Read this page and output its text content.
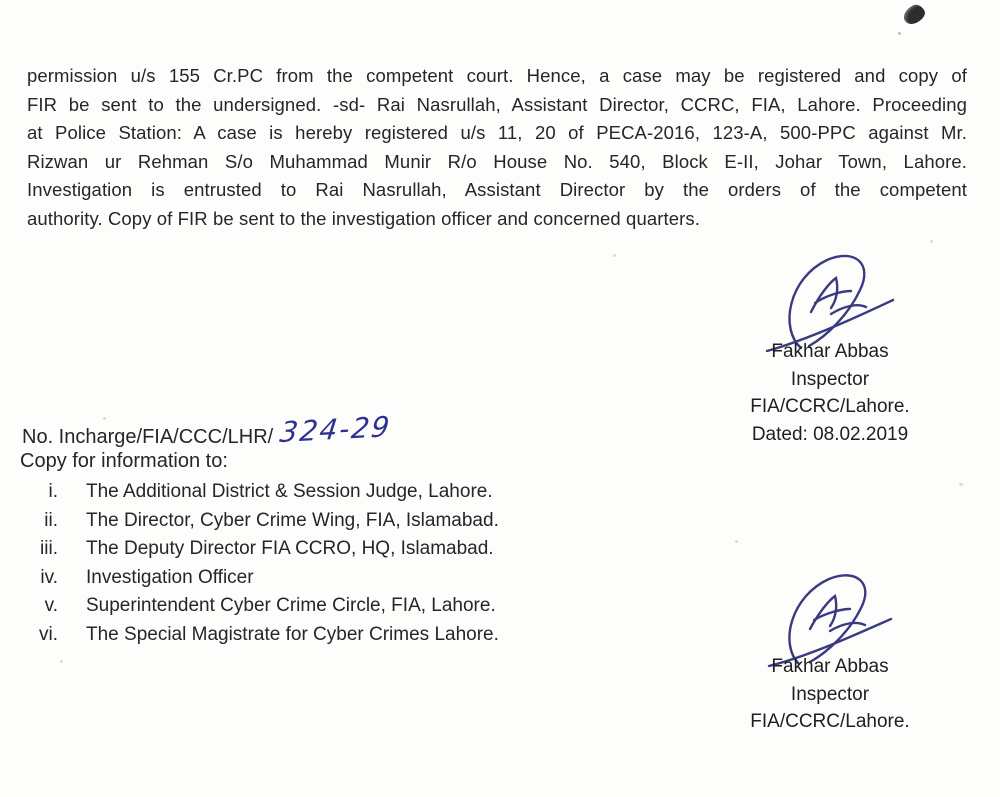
permission u/s 155 Cr.PC from the competent court. Hence, a case may be registered and copy of
FIR be sent to the undersigned. -sd- Rai Nasrullah, Assistant Director, CCRC, FIA, Lahore. Proceeding
at Police Station: A case is hereby registered u/s 11, 20 of PECA-2016, 123-A, 500-PPC against Mr.
Rizwan ur Rehman S/o Muhammad Munir R/o House No. 540, Block E-II, Johar Town, Lahore.
Investigation is entrusted to Rai Nasrullah, Assistant Director by the orders of the competent
authority. Copy of FIR be sent to the investigation officer and concerned quarters.
Fakhar Abbas
Inspector
FIA/CCRC/Lahore.
Dated: 08.02.2019
No. Incharge/FIA/CCC/LHR/ 324-29
Copy for information to:
i. The Additional District & Session Judge, Lahore.
ii. The Director, Cyber Crime Wing, FIA, Islamabad.
iii. The Deputy Director FIA CCRO, HQ, Islamabad.
iv. Investigation Officer
v. Superintendent Cyber Crime Circle, FIA, Lahore.
vi. The Special Magistrate for Cyber Crimes Lahore.
Fakhar Abbas
Inspector
FIA/CCRC/Lahore.
